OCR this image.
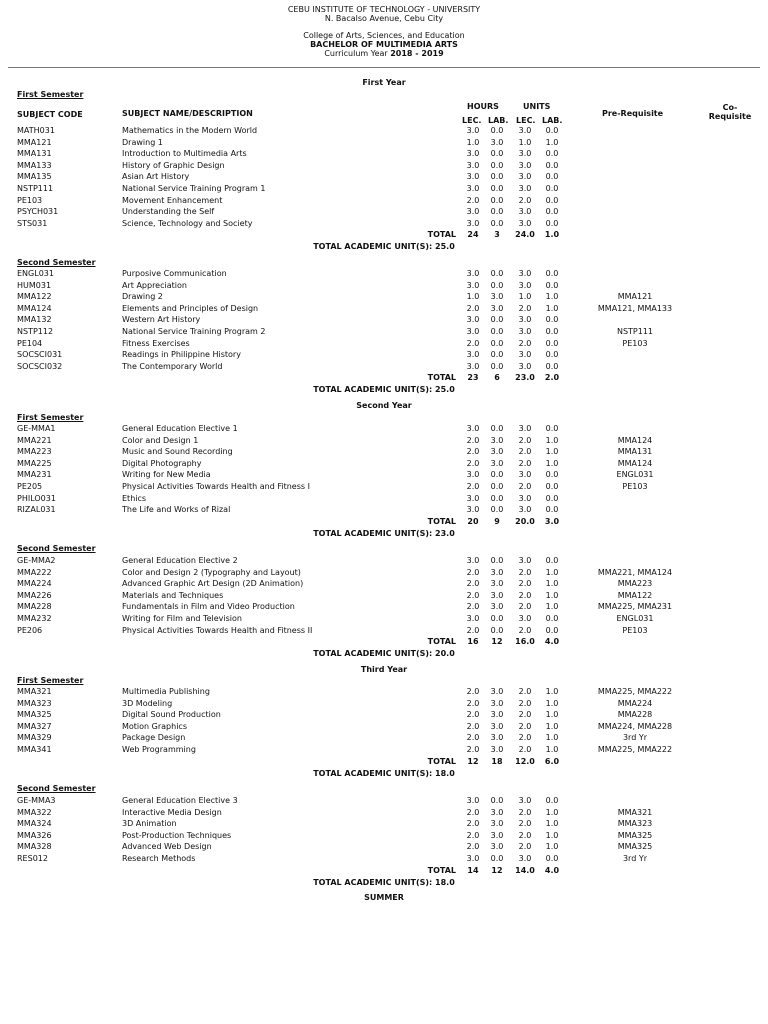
CEBU INSTITUTE OF TECHNOLOGY - UNIVERSITY
N. Bacalso Avenue, Cebu City
College of Arts, Sciences, and Education
BACHELOR OF MULTIMEDIA ARTS
Curriculum Year 2018 - 2019
SUBJECT CODE	SUBJECT NAME/DESCRIPTION
HOURS	UNITS
LEC. LAB. LEC. LAB.
Pre-Requisite
Co-
Requisite
First Year
First Semester
MATH031	Mathematics in the Modern World	3.0	0.0	3.0	0.0
MMA121	Drawing 1	1.0	3.0	1.0	1.0
MMA131	Introduction to Multimedia Arts	3.0	0.0	3.0	0.0
MMA133	History of Graphic Design	3.0	0.0	3.0	0.0
MMA135	Asian Art History	3.0	0.0	3.0	0.0
NSTP111	National Service Training Program 1	3.0	0.0	3.0	0.0
PE103	Movement Enhancement	2.0	0.0	2.0	0.0
PSYCH031	Understanding the Self	3.0	0.0	3.0	0.0
STS031	Science, Technology and Society	3.0	0.0	3.0	0.0
TOTAL	24	3	24.0	1.0
TOTAL ACADEMIC UNIT(S): 25.0
Second Semester
ENGL031	Purposive Communication	3.0	0.0	3.0	0.0
HUM031	Art Appreciation	3.0	0.0	3.0	0.0
MMA122	Drawing 2	1.0	3.0	1.0	1.0	MMA121
MMA124	Elements and Principles of Design	2.0	3.0	2.0	1.0	MMA121, MMA133
MMA132	Western Art History	3.0	0.0	3.0	0.0
NSTP112	National Service Training Program 2	3.0	0.0	3.0	0.0	NSTP111
PE104	Fitness Exercises	2.0	0.0	2.0	0.0	PE103
SOCSCI031	Readings in Philippine History	3.0	0.0	3.0	0.0
SOCSCI032	The Contemporary World	3.0	0.0	3.0	0.0
TOTAL	23	6	23.0	2.0
TOTAL ACADEMIC UNIT(S): 25.0
Second Year
First Semester
GE-MMA1	General Education Elective 1	3.0	0.0	3.0	0.0
MMA221	Color and Design 1	2.0	3.0	2.0	1.0	MMA124
MMA223	Music and Sound Recording	2.0	3.0	2.0	1.0	MMA131
MMA225	Digital Photography	2.0	3.0	2.0	1.0	MMA124
MMA231	Writing for New Media	3.0	0.0	3.0	0.0	ENGL031
PE205	Physical Activities Towards Health and Fitness I	2.0	0.0	2.0	0.0	PE103
PHILO031	Ethics	3.0	0.0	3.0	0.0
RIZAL031	The Life and Works of Rizal	3.0	0.0	3.0	0.0
TOTAL	20	9	20.0	3.0
TOTAL ACADEMIC UNIT(S): 23.0
Second Semester
GE-MMA2	General Education Elective 2	3.0	0.0	3.0	0.0
MMA222	Color and Design 2 (Typography and Layout)	2.0	3.0	2.0	1.0	MMA221, MMA124
MMA224	Advanced Graphic Art Design (2D Animation)	2.0	3.0	2.0	1.0	MMA223
MMA226	Materials and Techniques	2.0	3.0	2.0	1.0	MMA122
MMA228	Fundamentals in Film and Video Production	2.0	3.0	2.0	1.0	MMA225, MMA231
MMA232	Writing for Film and Television	3.0	0.0	3.0	0.0	ENGL031
PE206	Physical Activities Towards Health and Fitness II	2.0	0.0	2.0	0.0	PE103
TOTAL	16	12	16.0	4.0
TOTAL ACADEMIC UNIT(S): 20.0
Third Year
First Semester
MMA321	Multimedia Publishing	2.0	3.0	2.0	1.0	MMA225, MMA222
MMA323	3D Modeling	2.0	3.0	2.0	1.0	MMA224
MMA325	Digital Sound Production	2.0	3.0	2.0	1.0	MMA228
MMA327	Motion Graphics	2.0	3.0	2.0	1.0	MMA224, MMA228
MMA329	Package Design	2.0	3.0	2.0	1.0	3rd Yr
MMA341	Web Programming	2.0	3.0	2.0	1.0	MMA225, MMA222
TOTAL	12	18	12.0	6.0
TOTAL ACADEMIC UNIT(S): 18.0
Second Semester
GE-MMA3	General Education Elective 3	3.0	0.0	3.0	0.0
MMA322	Interactive Media Design	2.0	3.0	2.0	1.0	MMA321
MMA324	3D Animation	2.0	3.0	2.0	1.0	MMA323
MMA326	Post-Production Techniques	2.0	3.0	2.0	1.0	MMA325
MMA328	Advanced Web Design	2.0	3.0	2.0	1.0	MMA325
RES012	Research Methods	3.0	0.0	3.0	0.0	3rd Yr
TOTAL	14	12	14.0	4.0
TOTAL ACADEMIC UNIT(S): 18.0
SUMMER
